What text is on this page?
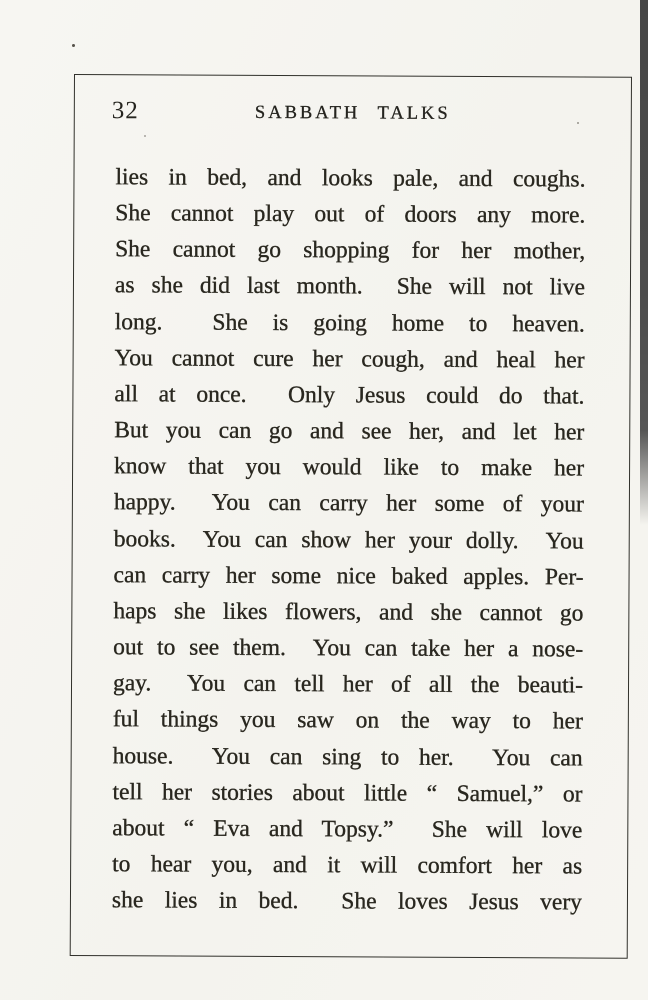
32	SABBATH TALKS
lies in bed, and looks pale, and coughs.
She cannot play out of doors any more.
She cannot go shopping for her mother,
as she did last month.  She will not live
long.  She is going home to heaven.
You cannot cure her cough, and heal her
all at once.  Only Jesus could do that.
But you can go and see her, and let her
know that you would like to make her
happy.  You can carry her some of your
books.  You can show her your dolly.  You
can carry her some nice baked apples. Per-
haps she likes flowers, and she cannot go
out to see them.  You can take her a nose-
gay.  You can tell her of all the beauti-
ful things you saw on the way to her
house.  You can sing to her.  You can
tell her stories about little “ Samuel,” or
about “ Eva and Topsy.”  She will love
to hear you, and it will comfort her as
she lies in bed.  She loves Jesus very
